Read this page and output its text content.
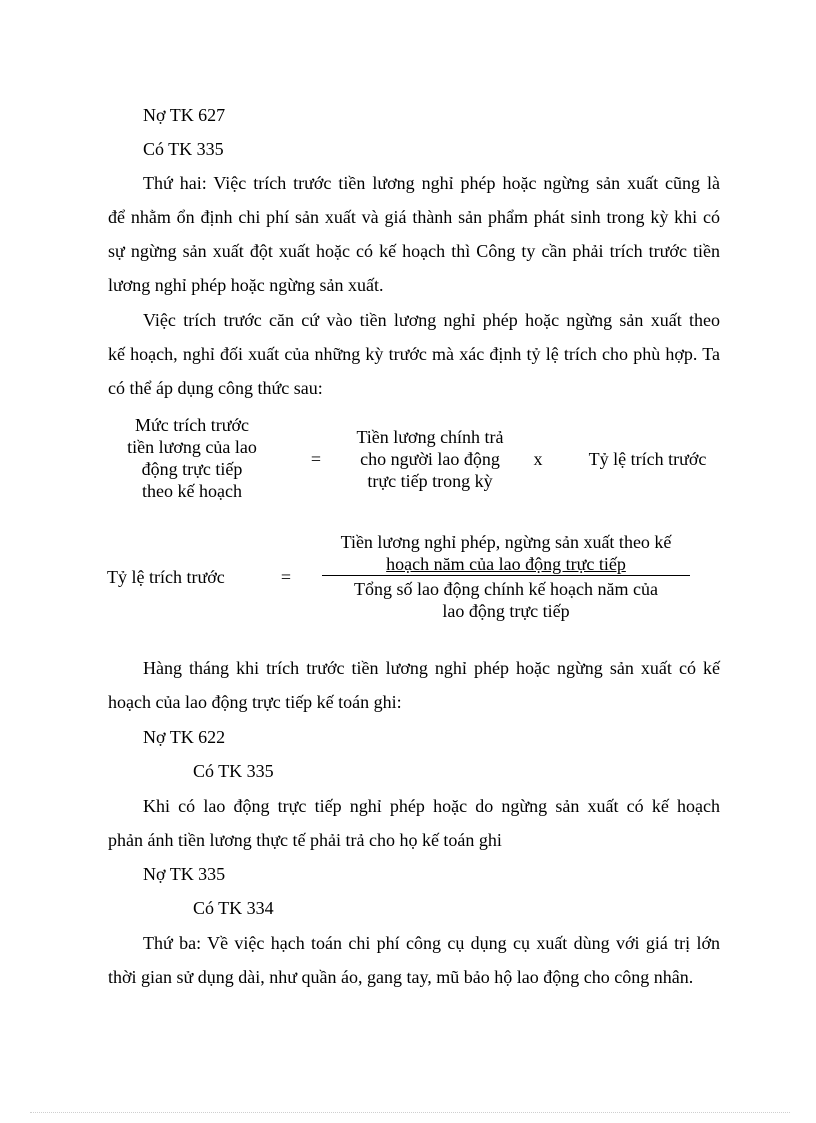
Nợ TK 627
Có TK 335
Thứ hai: Việc trích trước tiền lương nghỉ phép hoặc ngừng sản xuất cũng là
để nhằm ổn định chi phí sản xuất và giá thành sản phẩm phát sinh trong kỳ khi có
sự ngừng sản xuất đột xuất hoặc có kế hoạch thì Công ty cần phải trích trước tiền
lương nghỉ phép hoặc ngừng sản xuất.
Việc trích trước căn cứ vào tiền lương nghỉ phép hoặc ngừng sản xuất theo
kế hoạch, nghỉ đối xuất của những kỳ trước mà xác định tỷ lệ trích cho phù hợp. Ta
có thể áp dụng công thức sau:
Mức trích trước
tiền lương của lao
động trực tiếp
theo kế hoạch
=
Tiền lương chính trả
cho người lao động
trực tiếp trong kỳ
x	Tỷ lệ trích trước
Tỷ lệ trích trước	=
Tiền lương nghỉ phép, ngừng sản xuất theo kế
hoạch năm của lao động trực tiếp
Tổng số lao động chính kế hoạch năm của
lao động trực tiếp
Hàng tháng khi trích trước tiền lương nghỉ phép hoặc ngừng sản xuất có kế
hoạch của lao động trực tiếp kế toán ghi:
Nợ TK 622
Có TK 335
Khi có lao động trực tiếp nghỉ phép hoặc do ngừng sản xuất có kế hoạch
phản ánh tiền lương thực tế phải trả cho họ kế toán ghi
Nợ TK 335
Có TK 334
Thứ ba: Về việc hạch toán chi phí công cụ dụng cụ xuất dùng với giá trị lớn
thời gian sử dụng dài, như quần áo, gang tay, mũ bảo hộ lao động cho công nhân.
